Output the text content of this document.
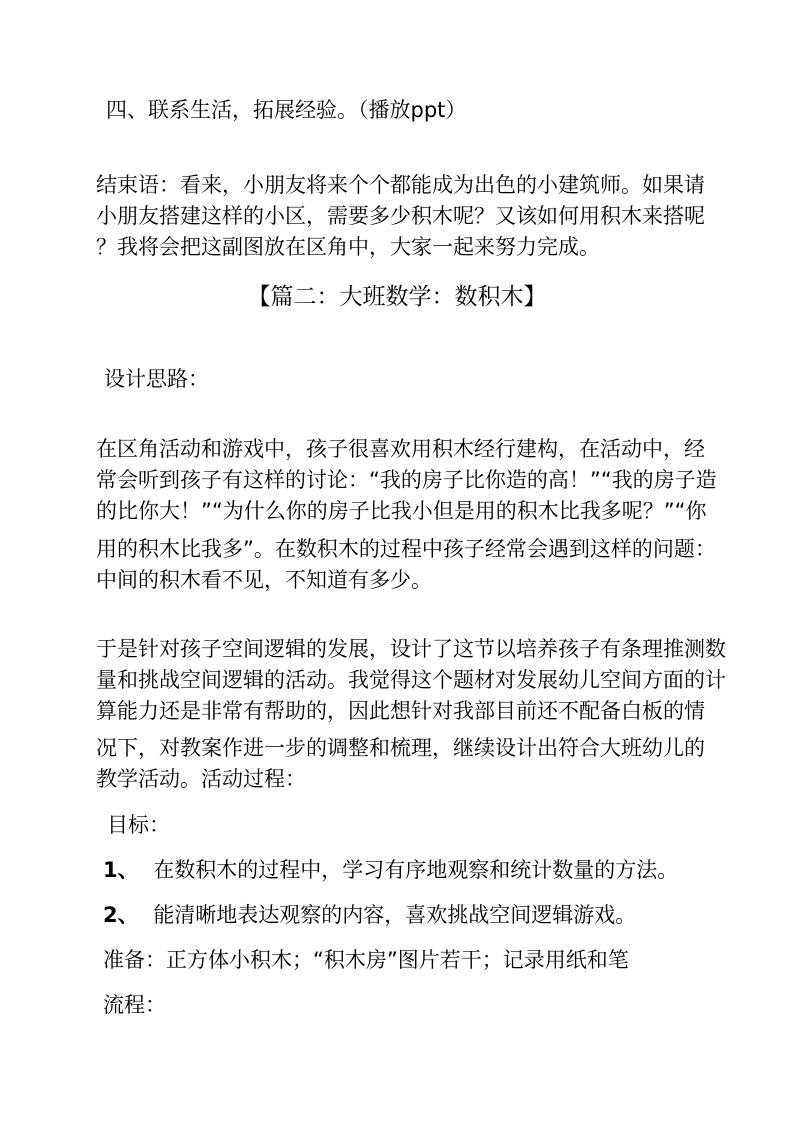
四、联系生活，拓展经验。（播放ppt）
结束语：看来，小朋友将来个个都能成为出色的小建筑师。如果请
小朋友搭建这样的小区，需要多少积木呢？又该如何用积木来搭呢
？我将会把这副图放在区角中，大家一起来努力完成。
【篇二：大班数学：数积木】
设计思路：
在区角活动和游戏中，孩子很喜欢用积木经行建构，在活动中，经
常会听到孩子有这样的讨论：“我的房子比你造的高！”“我的房子造
的比你大！”“为什么你的房子比我小但是用的积木比我多呢？”“你
用的积木比我多”。在数积木的过程中孩子经常会遇到这样的问题：
中间的积木看不见，不知道有多少。
于是针对孩子空间逻辑的发展，设计了这节以培养孩子有条理推测数
量和挑战空间逻辑的活动。我觉得这个题材对发展幼儿空间方面的计
算能力还是非常有帮助的，因此想针对我部目前还不配备白板的情
况下，对教案作进一步的调整和梳理，继续设计出符合大班幼儿的
教学活动。活动过程：
目标：
1、 在数积木的过程中，学习有序地观察和统计数量的方法。
2、 能清晰地表达观察的内容，喜欢挑战空间逻辑游戏。
准备：正方体小积木；“积木房”图片若干；记录用纸和笔
流程：
